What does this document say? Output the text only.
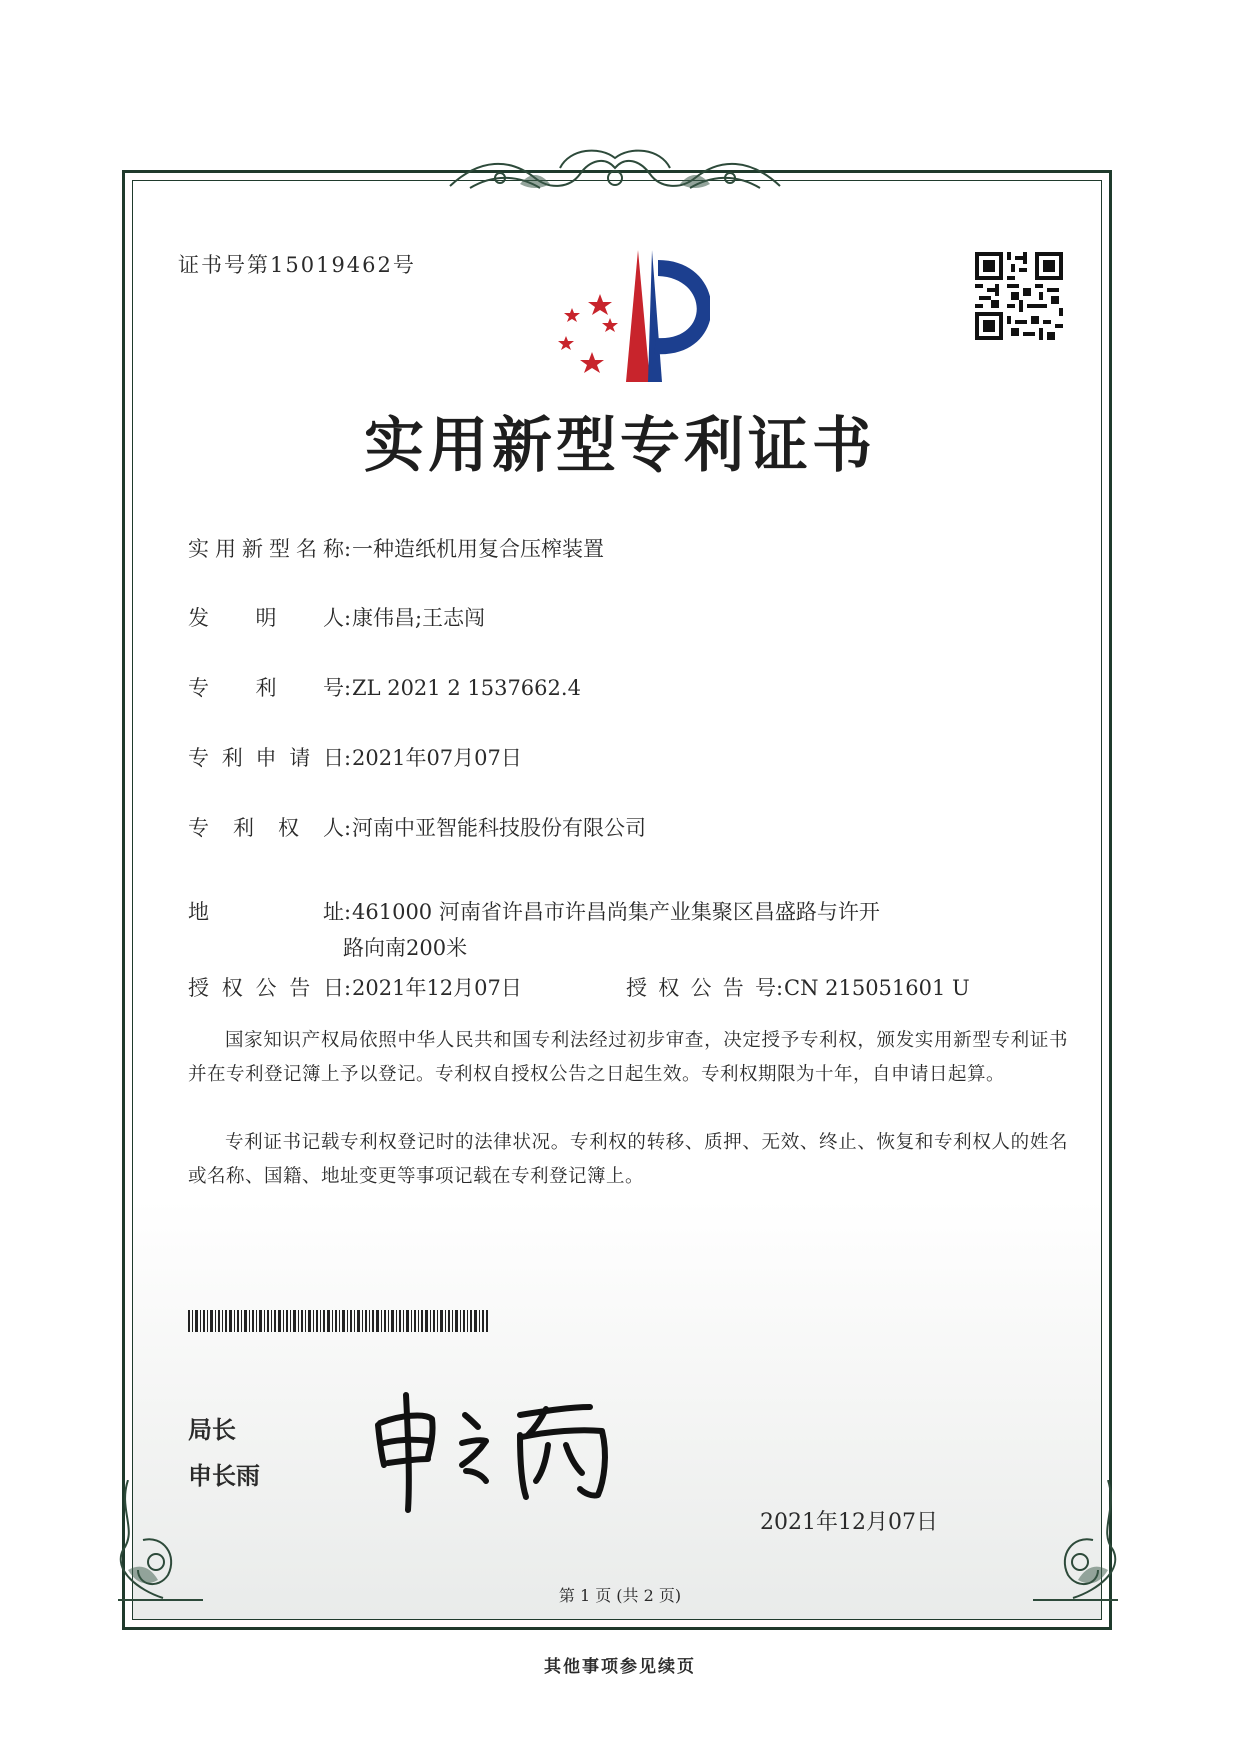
证书号第15019462号
实用新型专利证书
实用新型名称:一种造纸机用复合压榨装置
发 明 人:康伟昌;王志闯
专 利 号:ZL 2021 2 1537662.4
专利申请日:2021年07月07日
专利权人:河南中亚智能科技股份有限公司
地 址:461000 河南省许昌市许昌尚集产业集聚区昌盛路与许开
路向南200米
授权公告日:2021年12月07日	授权公告号:CN 215051601 U
国家知识产权局依照中华人民共和国专利法经过初步审查，决定授予专利权，颁发实用新型专利证书并在专利登记簿上予以登记。专利权自授权公告之日起生效。专利权期限为十年，自申请日起算。
专利证书记载专利权登记时的法律状况。专利权的转移、质押、无效、终止、恢复和专利权人的姓名或名称、国籍、地址变更等事项记载在专利登记簿上。
局长
申长雨
2021年12月07日
第 1 页 (共 2 页)
其他事项参见续页
